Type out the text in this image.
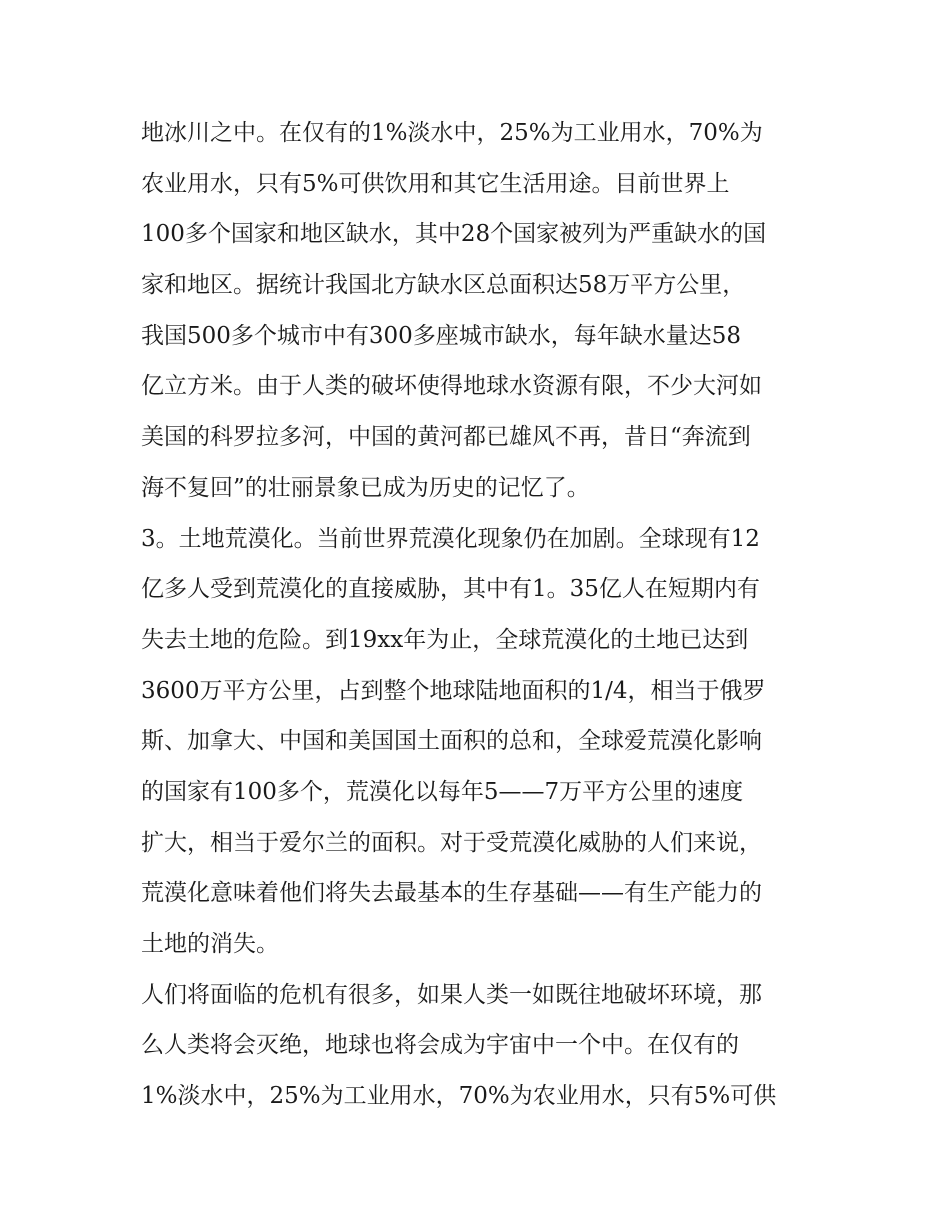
地冰川之中。在仅有的1%淡水中，25%为工业用水，70%为
农业用水，只有5%可供饮用和其它生活用途。目前世界上
100多个国家和地区缺水，其中28个国家被列为严重缺水的国
家和地区。据统计我国北方缺水区总面积达58万平方公里，
我国500多个城市中有300多座城市缺水，每年缺水量达58
亿立方米。由于人类的破坏使得地球水资源有限，不少大河如
美国的科罗拉多河，中国的黄河都已雄风不再，昔日“奔流到
海不复回”的壮丽景象已成为历史的记忆了。
3。土地荒漠化。当前世界荒漠化现象仍在加剧。全球现有12
亿多人受到荒漠化的直接威胁，其中有1。35亿人在短期内有
失去土地的危险。到19xx年为止，全球荒漠化的土地已达到
3600万平方公里，占到整个地球陆地面积的1/4，相当于俄罗
斯、加拿大、中国和美国国土面积的总和，全球爱荒漠化影响
的国家有100多个，荒漠化以每年5——7万平方公里的速度
扩大，相当于爱尔兰的面积。对于受荒漠化威胁的人们来说，
荒漠化意味着他们将失去最基本的生存基础——有生产能力的
土地的消失。
人们将面临的危机有很多，如果人类一如既往地破坏环境，那
么人类将会灭绝，地球也将会成为宇宙中一个中。在仅有的
1%淡水中，25%为工业用水，70%为农业用水，只有5%可供
